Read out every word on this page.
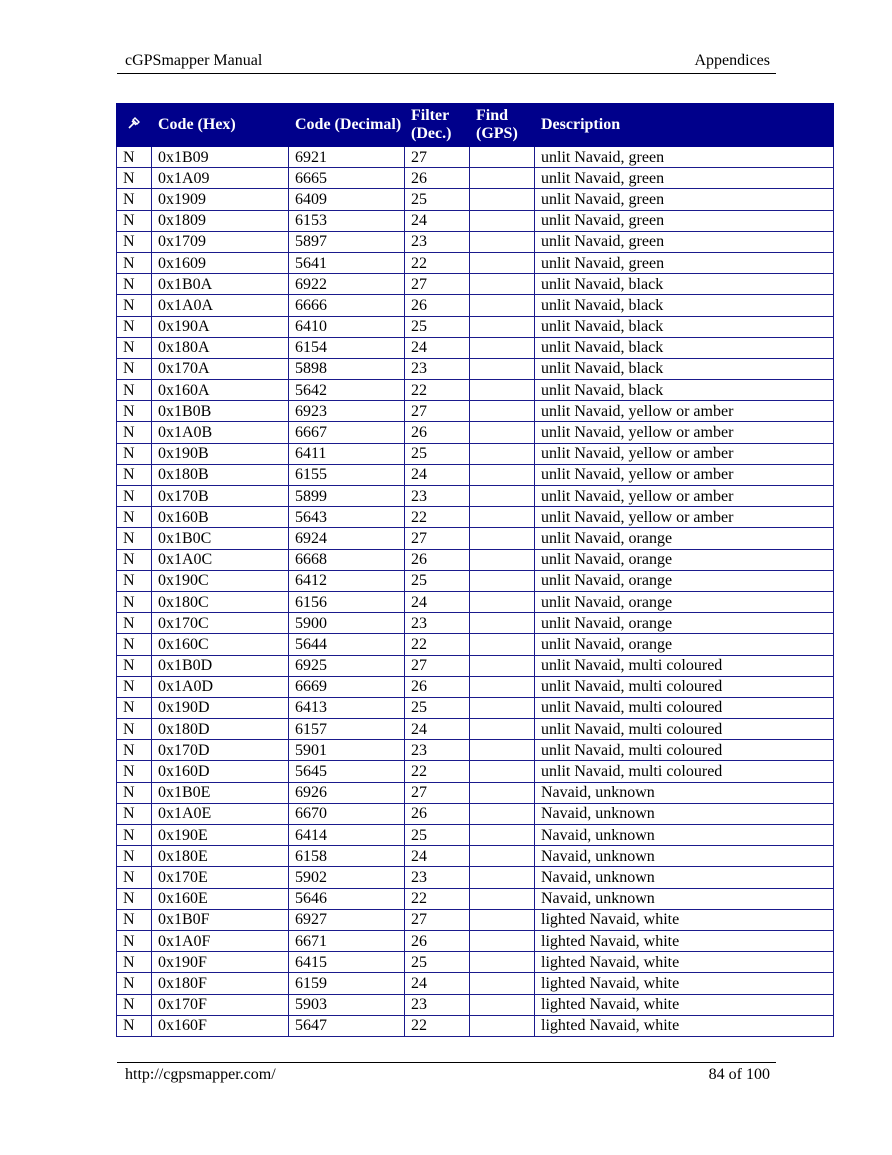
cGPSmapper Manual	Appendices
	Code (Hex)	Code (Decimal)	Filter (Dec.)	Find (GPS)	Description
N	0x1B09	6921	27		unlit Navaid, green
N	0x1A09	6665	26		unlit Navaid, green
N	0x1909	6409	25		unlit Navaid, green
N	0x1809	6153	24		unlit Navaid, green
N	0x1709	5897	23		unlit Navaid, green
N	0x1609	5641	22		unlit Navaid, green
N	0x1B0A	6922	27		unlit Navaid, black
N	0x1A0A	6666	26		unlit Navaid, black
N	0x190A	6410	25		unlit Navaid, black
N	0x180A	6154	24		unlit Navaid, black
N	0x170A	5898	23		unlit Navaid, black
N	0x160A	5642	22		unlit Navaid, black
N	0x1B0B	6923	27		unlit Navaid, yellow or amber
N	0x1A0B	6667	26		unlit Navaid, yellow or amber
N	0x190B	6411	25		unlit Navaid, yellow or amber
N	0x180B	6155	24		unlit Navaid, yellow or amber
N	0x170B	5899	23		unlit Navaid, yellow or amber
N	0x160B	5643	22		unlit Navaid, yellow or amber
N	0x1B0C	6924	27		unlit Navaid, orange
N	0x1A0C	6668	26		unlit Navaid, orange
N	0x190C	6412	25		unlit Navaid, orange
N	0x180C	6156	24		unlit Navaid, orange
N	0x170C	5900	23		unlit Navaid, orange
N	0x160C	5644	22		unlit Navaid, orange
N	0x1B0D	6925	27		unlit Navaid, multi coloured
N	0x1A0D	6669	26		unlit Navaid, multi coloured
N	0x190D	6413	25		unlit Navaid, multi coloured
N	0x180D	6157	24		unlit Navaid, multi coloured
N	0x170D	5901	23		unlit Navaid, multi coloured
N	0x160D	5645	22		unlit Navaid, multi coloured
N	0x1B0E	6926	27		Navaid, unknown
N	0x1A0E	6670	26		Navaid, unknown
N	0x190E	6414	25		Navaid, unknown
N	0x180E	6158	24		Navaid, unknown
N	0x170E	5902	23		Navaid, unknown
N	0x160E	5646	22		Navaid, unknown
N	0x1B0F	6927	27		lighted Navaid, white
N	0x1A0F	6671	26		lighted Navaid, white
N	0x190F	6415	25		lighted Navaid, white
N	0x180F	6159	24		lighted Navaid, white
N	0x170F	5903	23		lighted Navaid, white
N	0x160F	5647	22		lighted Navaid, white
http://cgpsmapper.com/	84 of 100
